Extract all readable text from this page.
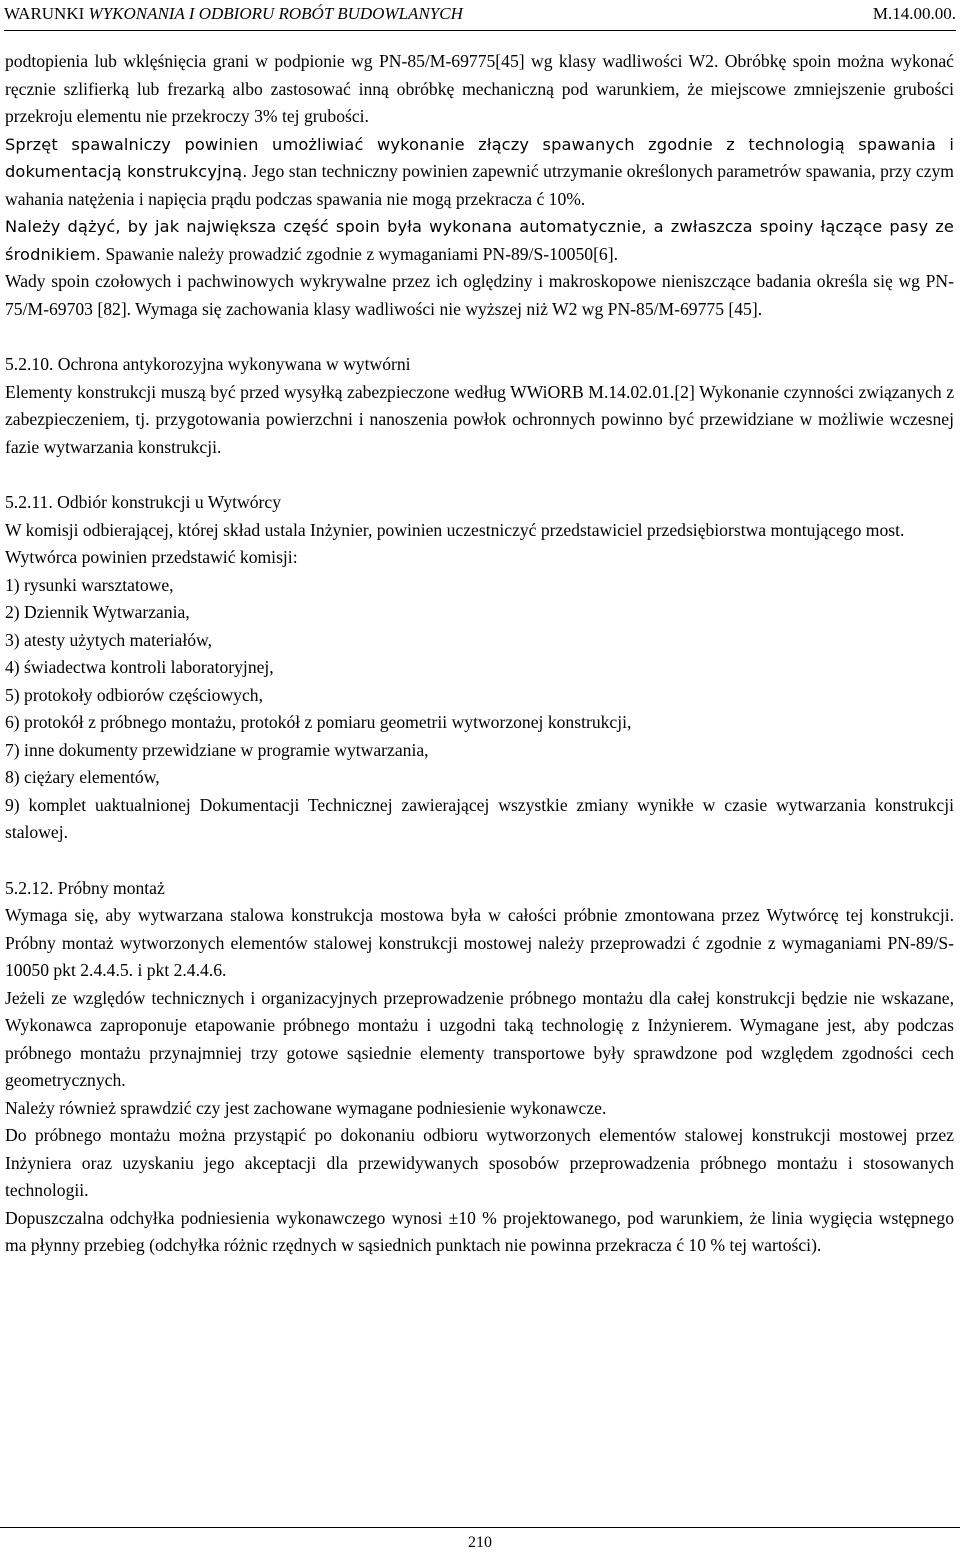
WARUNKI WYKONANIA I ODBIORU ROBÓT BUDOWLANYCH	M.14.00.00.

podtopienia lub wklęśnięcia grani w podpionie wg PN-85/M-69775[45] wg klasy wadliwości W2. Obróbkę spoin można wykonać ręcznie szlifierką lub frezarką albo zastosować inną obróbkę mechaniczną pod warunkiem, że miejscowe zmniejszenie grubości przekroju elementu nie przekroczy 3% tej grubości.

Sprzęt spawalniczy powinien umożliwiać wykonanie złączy spawanych zgodnie z technologią spawania i dokumentacją konstrukcyjną. Jego stan techniczny powinien zapewnić utrzymanie określonych parametrów spawania, przy czym wahania natężenia i napięcia prądu podczas spawania nie mogą przekracza ć 10%.

Należy dążyć, by jak największa część spoin była wykonana automatycznie, a zwłaszcza spoiny łączące pasy ze środnikiem. Spawanie należy prowadzić zgodnie z wymaganiami PN-89/S-10050[6].

Wady spoin czołowych i pachwinowych wykrywalne przez ich oględziny i makroskopowe nieniszczące badania określa się wg PN-75/M-69703 [82]. Wymaga się zachowania klasy wadliwości nie wyższej niż W2 wg PN-85/M-69775 [45].

5.2.10. Ochrona antykorozyjna wykonywana w wytwórni

Elementy konstrukcji muszą być przed wysyłką zabezpieczone według WWiORB M.14.02.01.[2] Wykonanie czynności związanych z zabezpieczeniem, tj. przygotowania powierzchni i nanoszenia powłok ochronnych powinno być przewidziane w możliwie wczesnej fazie wytwarzania konstrukcji.

5.2.11. Odbiór konstrukcji u Wytwórcy

W komisji odbierającej, której skład ustala Inżynier, powinien uczestniczyć przedstawiciel przedsiębiorstwa montującego most.

Wytwórca powinien przedstawić komisji:

1) rysunki warsztatowe,

2) Dziennik Wytwarzania,

3) atesty użytych materiałów,

4) świadectwa kontroli laboratoryjnej,

5) protokoły odbiorów częściowych,

6) protokół z próbnego montażu, protokół z pomiaru geometrii wytworzonej konstrukcji,

7) inne dokumenty przewidziane w programie wytwarzania,

8) ciężary elementów,

9) komplet uaktualnionej Dokumentacji Technicznej zawierającej wszystkie zmiany wynikłe w czasie wytwarzania konstrukcji stalowej.

5.2.12. Próbny montaż

Wymaga się, aby wytwarzana stalowa konstrukcja mostowa była w całości próbnie zmontowana przez Wytwórcę tej konstrukcji. Próbny montaż wytworzonych elementów stalowej konstrukcji mostowej należy przeprowadzi ć zgodnie z wymaganiami PN-89/S-10050 pkt 2.4.4.5. i pkt 2.4.4.6.

Jeżeli ze względów technicznych i organizacyjnych przeprowadzenie próbnego montażu dla całej konstrukcji będzie nie wskazane, Wykonawca zaproponuje etapowanie próbnego montażu i uzgodni taką technologię z Inżynierem. Wymagane jest, aby podczas próbnego montażu przynajmniej trzy gotowe sąsiednie elementy transportowe były sprawdzone pod względem zgodności cech geometrycznych.

Należy również sprawdzić czy jest zachowane wymagane podniesienie wykonawcze.

Do próbnego montażu można przystąpić po dokonaniu odbioru wytworzonych elementów stalowej konstrukcji mostowej przez Inżyniera oraz uzyskaniu jego akceptacji dla przewidywanych sposobów przeprowadzenia próbnego montażu i stosowanych technologii.

Dopuszczalna odchyłka podniesienia wykonawczego wynosi ±10 % projektowanego, pod warunkiem, że linia wygięcia wstępnego ma płynny przebieg (odchyłka różnic rzędnych w sąsiednich punktach nie powinna przekracza ć 10 % tej wartości).

210
